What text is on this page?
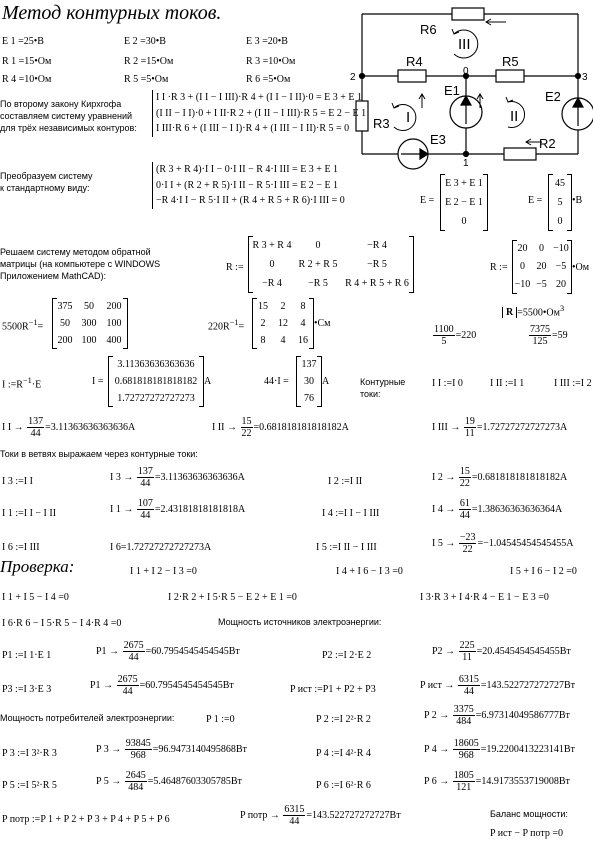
Метод контурных токов.
E 1 =25•В	E 2 =30•В	E 3 =20•В
R 1 =15•Ом	R 2 =15•Ом	R 3 =10•Ом
R 4 =10•Ом	R 5 =5•Ом	R 6 =5•Ом
R6
R4	R5
R3
R2
E1	E2
E3
0
1
2	3
I	II
III
По второму закону Кирхгофа
составляем систему уравнений
для трёх независимых контуров:
I I ·R 3 + (I I − I III)·R 4 + (I I − I II)·0 = E 3 + E 1
(I II − I I)·0 + I II·R 2 + (I II − I III)·R 5 = E 2 − E 1
I III·R 6 + (I III − I I)·R 4 + (I III − I II)·R 5 = 0
Преобразуем систему
к стандартному виду:
(R 3 + R 4)·I I − 0·I II − R 4·I III = E 3 + E 1
0·I I + (R 2 + R 5)·I II − R 5·I III = E 2 − E 1
−R 4·I I − R 5·I II + (R 4 + R 5 + R 6)·I III = 0	E =
E 3 + E 1
E 2 − E 1
0
E =
45
5
0
•В
Решаем систему методом обратной
матрицы (на компьютере с WINDOWS
Приложением MathCAD):
R :=
R 3 + R 4	0	−R 4
0	R 2 + R 5	−R 5
−R 4	−R 5	R 4 + R 5 + R 6
R :=
20	0 −10
0	20 −5
−10 −5 20
•Ом
$R =5500•Ом^3$
$5500R^{-1}=$
375	50	200
50	300	100
200 100	400
$220R^{-1}=$
15	2	8
2	12	4
8	4	16
•См
$\frac{1100}{5} =220$	$\frac{7375}{125} =59$
I $:=R^{-1}\cdot E$	I =
3.11363636363636
0.681818181818182
1.72727272727273
A	44·I =
137
30
76
A	Контурные
токи:
I I :=I 0	I II :=I 1	I III :=I 2
I $I \to \frac{137}{44} =3.11363636363636A$	I II → $\frac{15}{22} =0.681818181818182A$	I III → $\frac{19}{11} =1.72727272727273A$
Токи в ветвях выражаем через контурные токи:
I 3 :=I I	I $3 \to \frac{137}{44} =3.11363636363636A$	I 2 :=I II	I $2 \to \frac{15}{22} =0.681818181818182A$
I 1 :=I I − I II	I $1 \to \frac{107}{44} =2.43181818181818A$	I 4 :=I I − I III	I $4 \to \frac{61}{44} =1.38636363636364A$
I 6 :=I III	I 6=1.72727272727273A	I 5 :=I II − I III	I $5 \to \frac{-23}{22} =-1.04545454545455A$
Проверка:	I 1 + I 2 − I 3 =0	I 4 + I 6 − I 3 =0	I 5 + I 6 − I 2 =0
I 1 + I 5 − I 4 =0	I 2·R 2 + I 5·R 5 − E 2 + E 1 =0	I 3·R 3 + I 4·R 4 − E 1 − E 3 =0
I 6·R 6 − I 5·R 5 − I 4·R 4 =0	Мощность источников электроэнергии:
P1 :=I 1·E 1	$P1 \to \frac{2675}{44} =60.7954545454545Вт$	P2 :=I 2·E 2	$P2 \to \frac{225}{11} =20.4545454545455Вт$
P3 :=I 3·E 3	$P1 \to \frac{2675}{44} =60.7954545454545Вт$	P ист :=P1 + P2 + P3	P ист → $\frac{6315}{44} =143.522727272727Вт$
Мощность потребителей электроэнергии:	P 1 :=0	P 2 :=I 2²·R 2	P $2 \to \frac{3375}{484} =6.97314049586777Вт$
P 3 :=I 3²·R 3	P $3 \to \frac{93845}{968} =96.9473140495868Вт$	P 4 :=I 4²·R 4	P $4 \to \frac{18605}{968} =19.2200413223141Вт$
P 5 :=I 5²·R 5	P $5 \to \frac{2645}{484} =5.46487603305785Вт$	P 6 :=I 6²·R 6	P $6 \to \frac{1805}{121} =14.9173553719008Вт$
P потр :=P 1 + P 2 + P 3 + P 4 + P 5 + P 6	P потр → $\frac{6315}{44} =143.522727272727Вт$	Баланс мощности:
P ист − P потр =0
